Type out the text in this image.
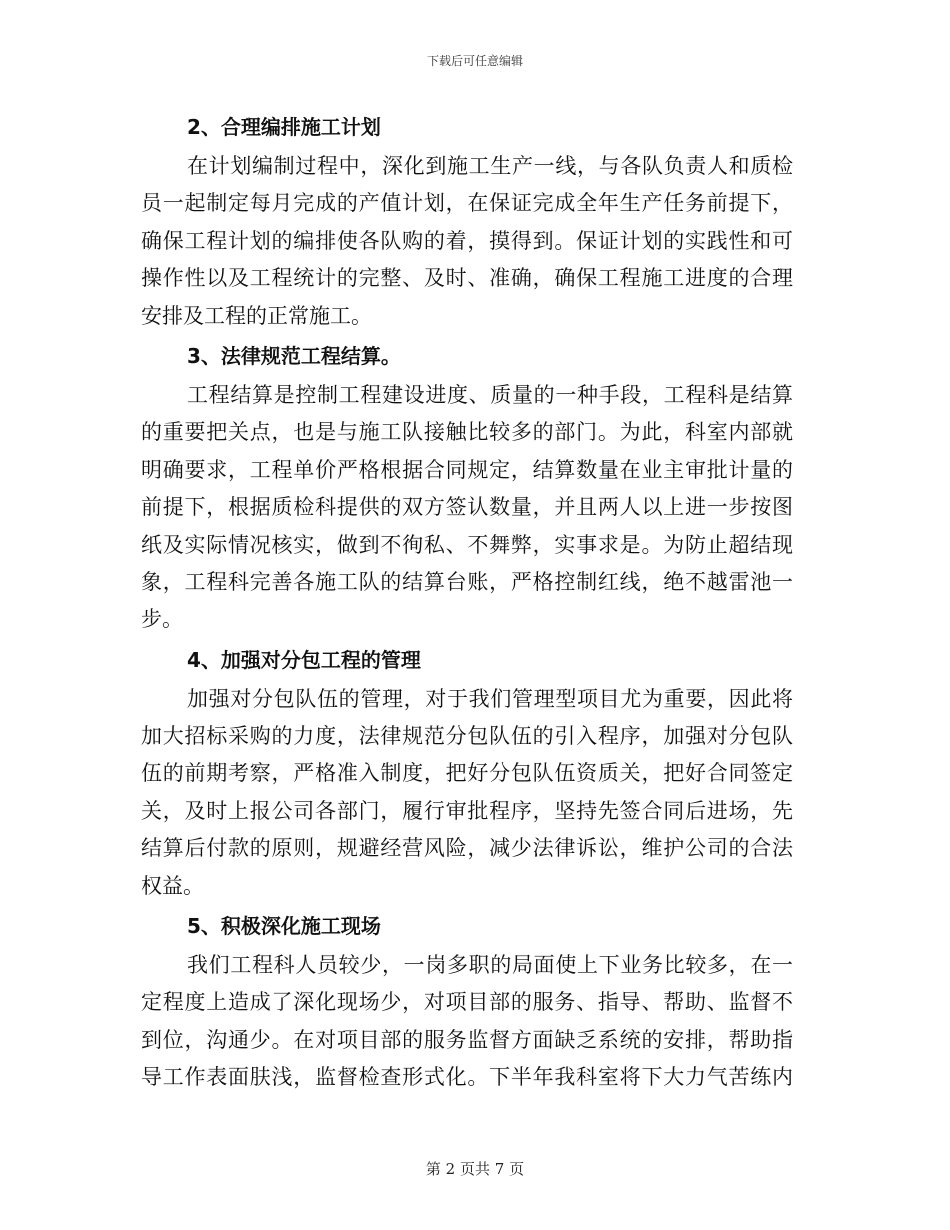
下载后可任意编辑
2、合理编排施工计划
在计划编制过程中，深化到施工生产一线，与各队负责人和质检
员一起制定每月完成的产值计划，在保证完成全年生产任务前提下，
确保工程计划的编排使各队购的着，摸得到。保证计划的实践性和可
操作性以及工程统计的完整、及时、准确，确保工程施工进度的合理
安排及工程的正常施工。
3、法律规范工程结算。
工程结算是控制工程建设进度、质量的一种手段，工程科是结算
的重要把关点，也是与施工队接触比较多的部门。为此，科室内部就
明确要求，工程单价严格根据合同规定，结算数量在业主审批计量的
前提下，根据质检科提供的双方签认数量，并且两人以上进一步按图
纸及实际情况核实，做到不徇私、不舞弊，实事求是。为防止超结现
象，工程科完善各施工队的结算台账，严格控制红线，绝不越雷池一
步。
4、加强对分包工程的管理
加强对分包队伍的管理，对于我们管理型项目尤为重要，因此将
加大招标采购的力度，法律规范分包队伍的引入程序，加强对分包队
伍的前期考察，严格准入制度，把好分包队伍资质关，把好合同签定
关，及时上报公司各部门，履行审批程序，坚持先签合同后进场，先
结算后付款的原则，规避经营风险，减少法律诉讼，维护公司的合法
权益。
5、积极深化施工现场
我们工程科人员较少，一岗多职的局面使上下业务比较多，在一
定程度上造成了深化现场少，对项目部的服务、指导、帮助、监督不
到位，沟通少。在对项目部的服务监督方面缺乏系统的安排，帮助指
导工作表面肤浅，监督检查形式化。下半年我科室将下大力气苦练内
第 2 页共 7 页
